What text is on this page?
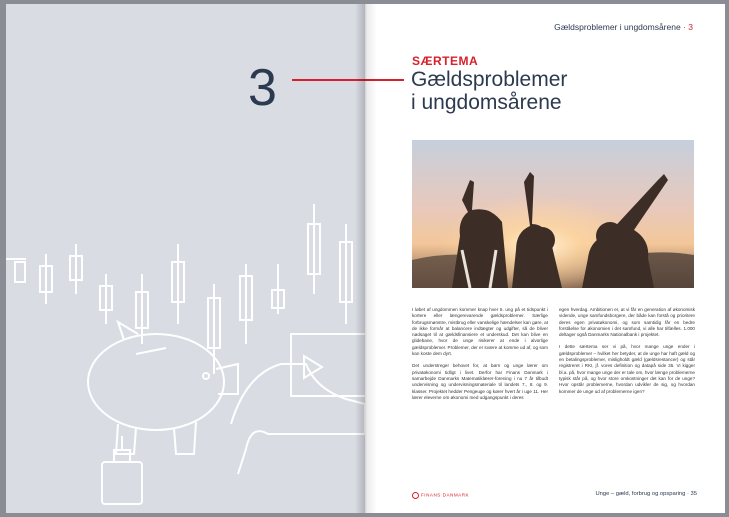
3
Gældsproblemer i ungdomsårene · 3
SÆRTEMA
Gældsproblemer
i ungdomsårene

I løbet af ungdommen kommer knap hver 5. ung på et tidspunkt i kortere eller længerevarende gældsproblemer. Særlige forbrugsmønstre, mistbrug eller vanskelige hændelser kan gøre, at de ikke formår at balancere indtægter og udgifter, så de bliver nødsaget til at gældsfinansiere et underskud. Det kan blive en glidebane, hvor de unge risikerer at ende i alvorlige gældsproblemer. Problemer, der er svære at komme ud af, og som kan koste dem dyrt.

Det understreger behovet for, at børn og unge lærer om privatøkonomi tidligt i livet. Derfor har Finans Danmark i samarbejde Danmarks Matematiklærer-forening i nu 7 år tilbudt undervisning og undervisningsmateriale til landets 7., 8. og 9. klasser. Projektet hedder Pengeuge og kører hvert år i uge 11. Her lærer eleverne om økonomi med udgangspunkt i deres

egen hverdag. Ambitionen er, at vi får en generation af økonomisk vidende, unge samfundsborgere, der både kan forstå og prioritere deres egen privatøkonomi, og som samtidig får en bedre forståelse for økonomien i det samfund, vi alle har tilfælles. 1.000 deltager også Danmarks Nationalbank i projektet.

I dette særtema ser vi på, hvor mange unge ender i gældsproblemer – hvilket her betyder, at de unge har haft gæld og en betalingsproblemer, misligholdt gæld (gældsrestancer) og står registreret i RKI, jf. vores definition og datapå side 35. Vi kigger bl.a. på, hvor mange unge der er tale om, hvor længe problemerne typisk står på, og hvor store omkostninger det kan for de unge? Hvor opstår problemerne, hvordan udvikler de sig, og hvordan kommer de unge ud af problemerne igen?

FINANS DANMARK	Unge – gæld, forbrug og opsparing · 35
